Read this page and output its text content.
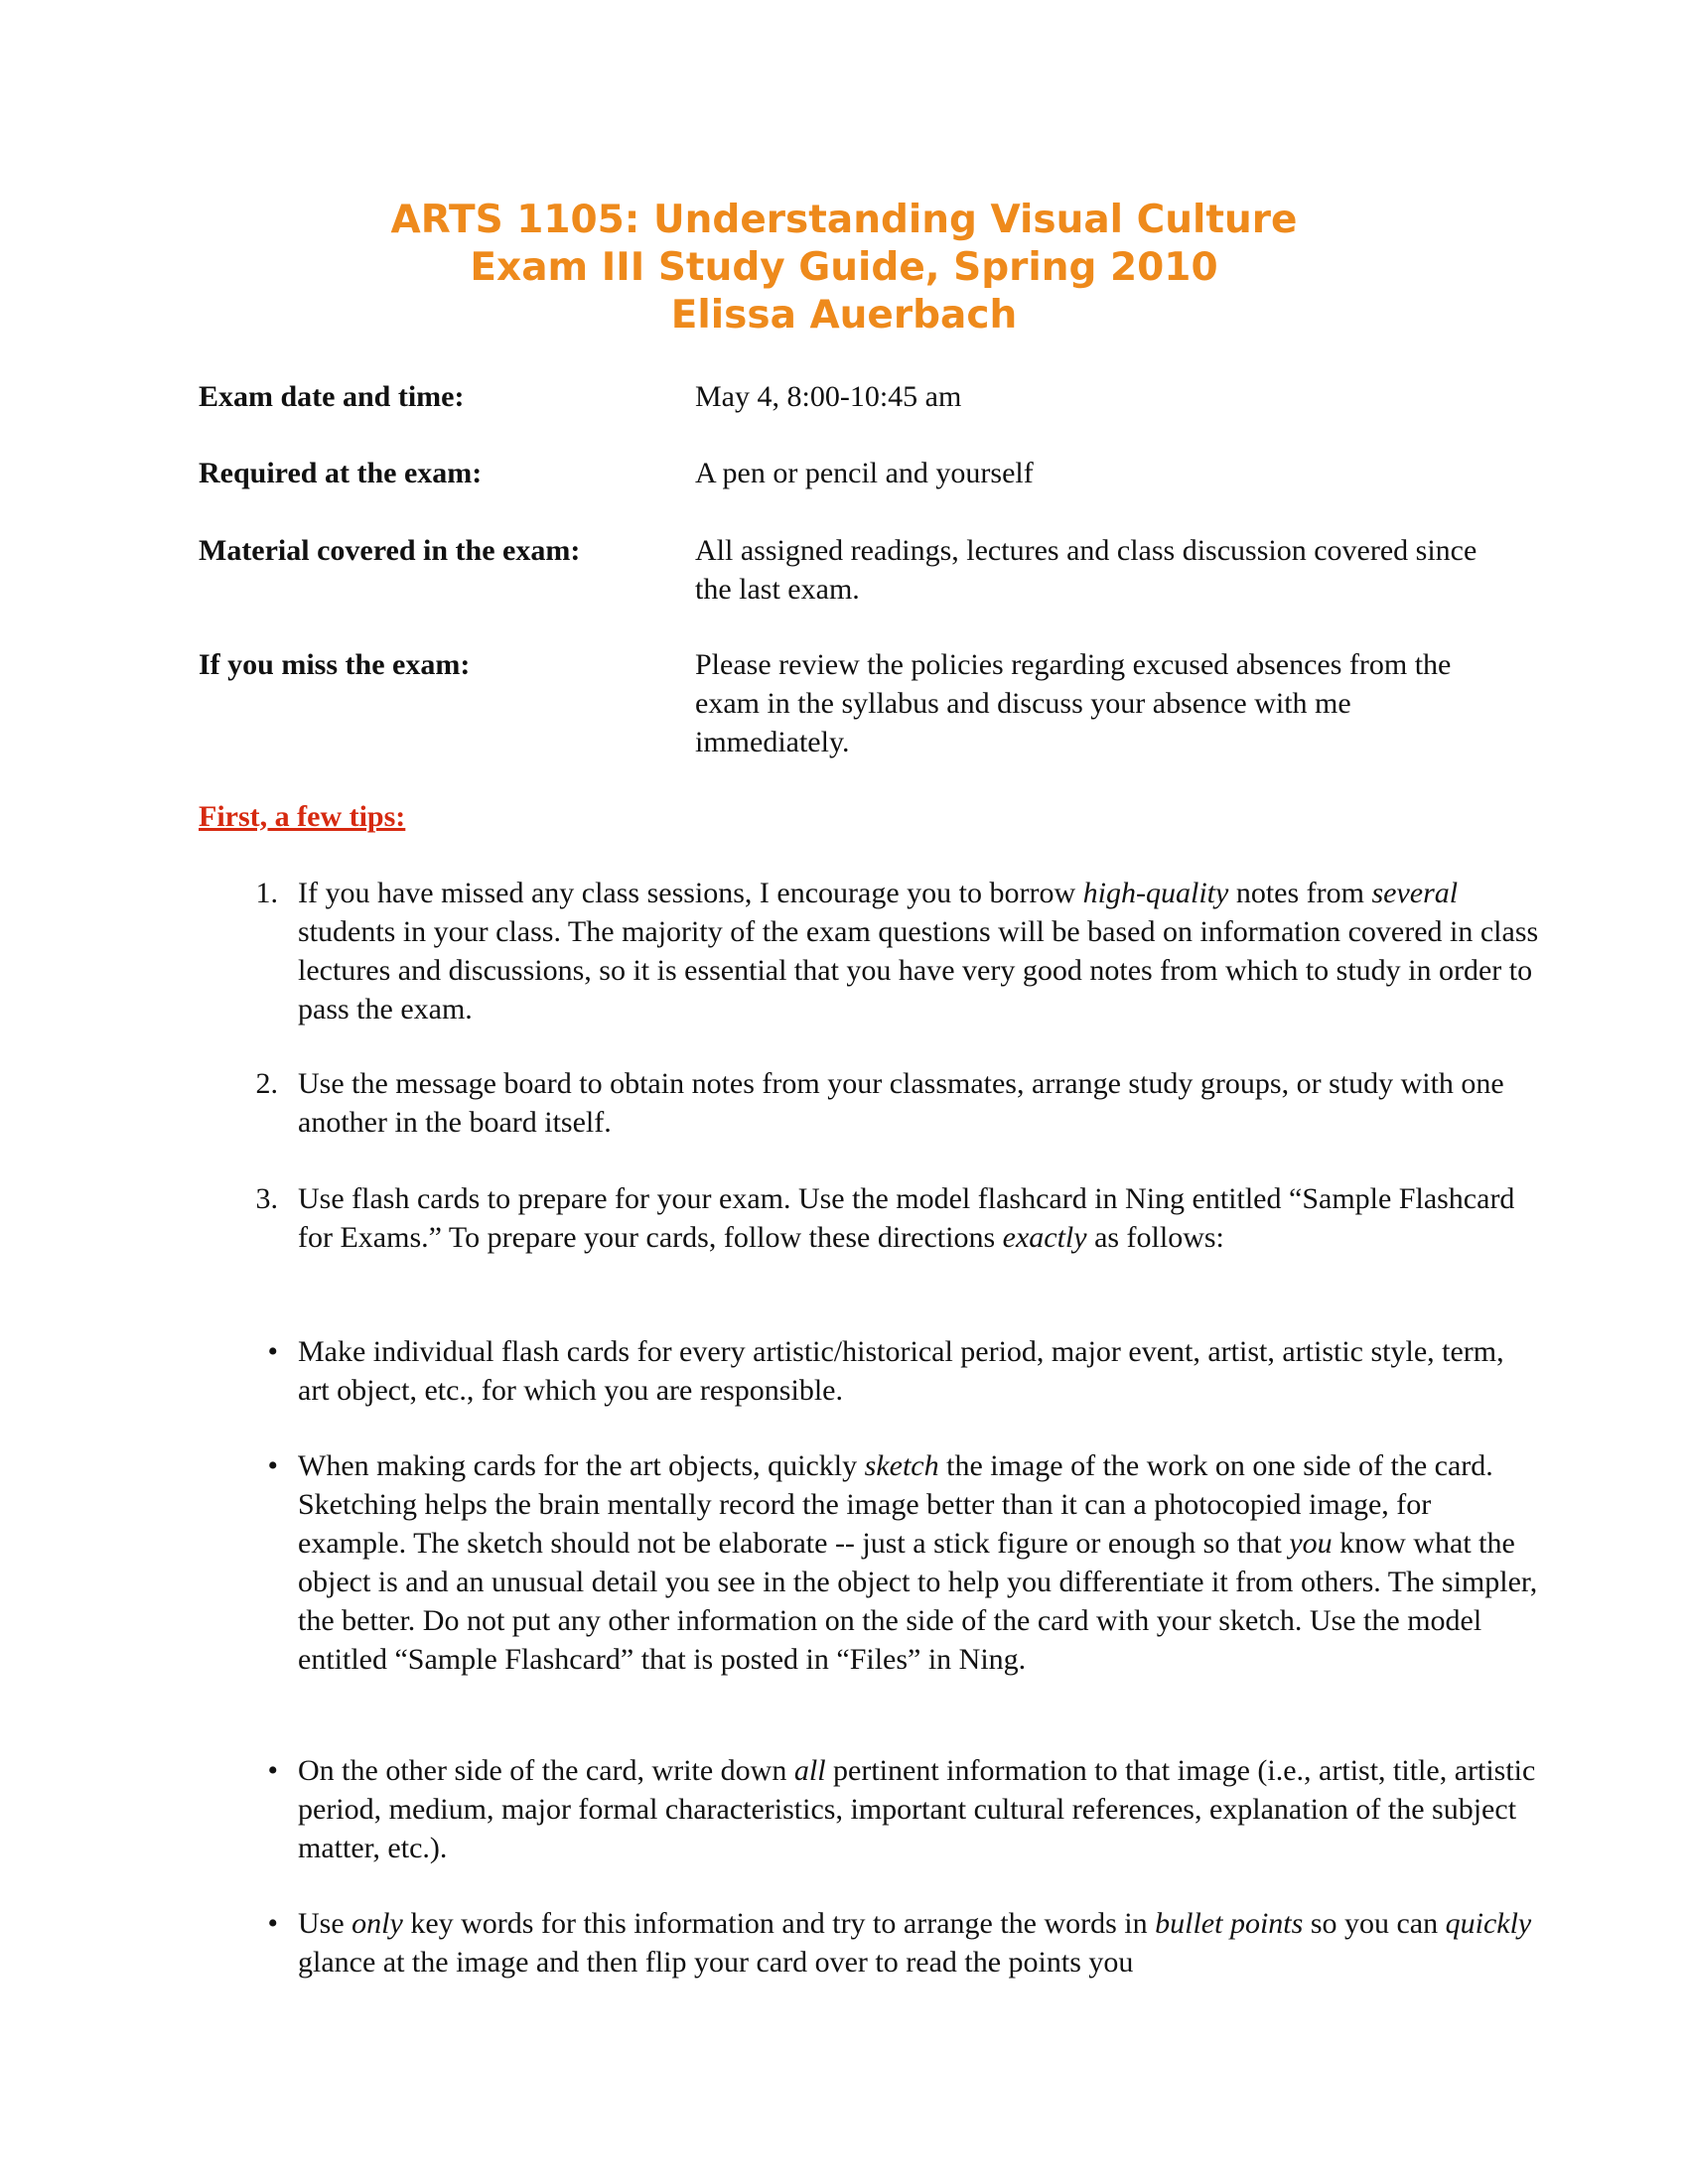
ARTS 1105: Understanding Visual Culture
Exam III Study Guide, Spring 2010
Elissa Auerbach
Exam date and time:	May 4, 8:00-10:45 am
Required at the exam:	A pen or pencil and yourself
Material covered in the exam:	All assigned readings, lectures and class discussion covered since the last exam.
If you miss the exam:	Please review the policies regarding excused absences from the exam in the syllabus and discuss your absence with me immediately.
First, a few tips:
1. If you have missed any class sessions, I encourage you to borrow high-quality notes from several students in your class. The majority of the exam questions will be based on information covered in class lectures and discussions, so it is essential that you have very good notes from which to study in order to pass the exam.
2. Use the message board to obtain notes from your classmates, arrange study groups, or study with one another in the board itself.
3. Use flash cards to prepare for your exam. Use the model flashcard in Ning entitled “Sample Flashcard for Exams.” To prepare your cards, follow these directions exactly as follows:
• Make individual flash cards for every artistic/historical period, major event, artist, artistic style, term, art object, etc., for which you are responsible.
• When making cards for the art objects, quickly sketch the image of the work on one side of the card. Sketching helps the brain mentally record the image better than it can a photocopied image, for example. The sketch should not be elaborate -- just a stick figure or enough so that you know what the object is and an unusual detail you see in the object to help you differentiate it from others. The simpler, the better. Do not put any other information on the side of the card with your sketch. Use the model entitled “Sample Flashcard” that is posted in “Files” in Ning.
• On the other side of the card, write down all pertinent information to that image (i.e., artist, title, artistic period, medium, major formal characteristics, important cultural references, explanation of the subject matter, etc.).
• Use only key words for this information and try to arrange the words in bullet points so you can quickly glance at the image and then flip your card over to read the points you
